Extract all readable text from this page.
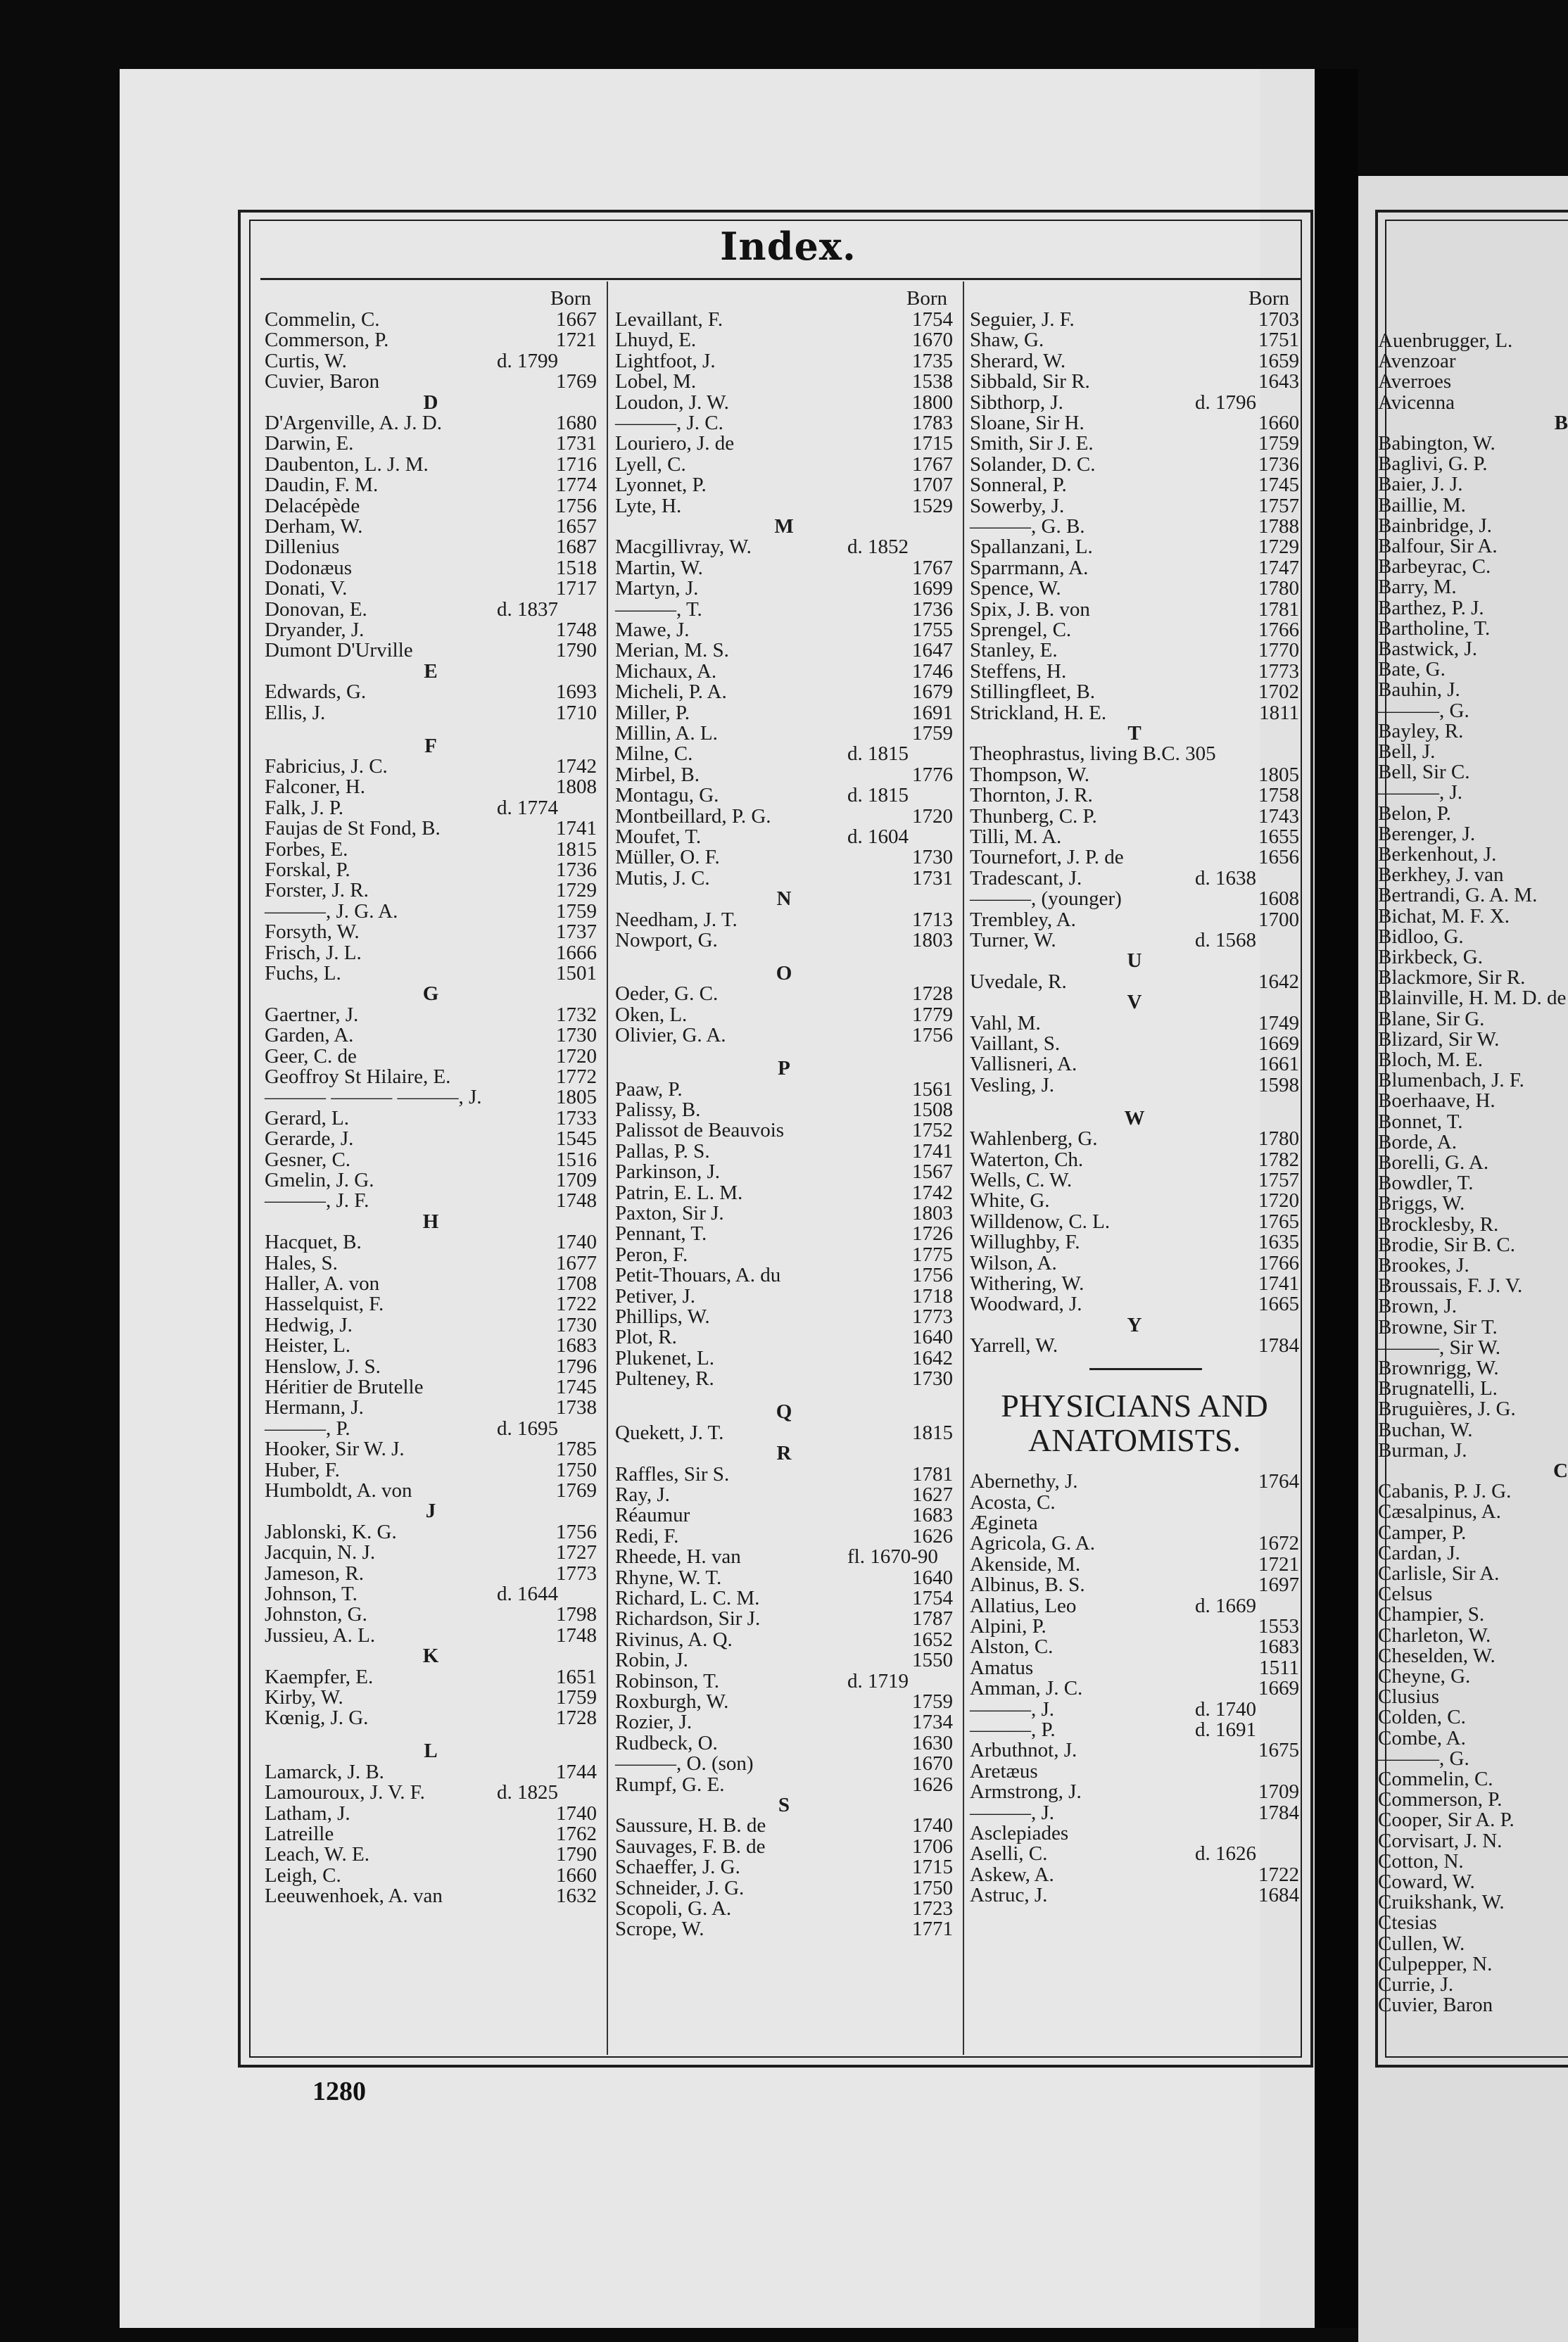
Index.
Born	Born	Born
Commelin, C.	1667
Commerson, P.	1721
Curtis, W.	d. 1799
Cuvier, Baron	1769
D
D'Argenville, A. J. D.	1680
Darwin, E.	1731
Daubenton, L. J. M.	1716
Daudin, F. M.	1774
Delacépède	1756
Derham, W.	1657
Dillenius	1687
Dodonæus	1518
Donati, V.	1717
Donovan, E.	d. 1837
Dryander, J.	1748
Dumont D'Urville	1790
E
Edwards, G.	1693
Ellis, J.	1710
F
Fabricius, J. C.	1742
Falconer, H.	1808
Falk, J. P.	d. 1774
Faujas de St Fond, B.	1741
Forbes, E.	1815
Forskal, P.	1736
Forster, J. R.	1729
———, J. G. A.	1759
Forsyth, W.	1737
Frisch, J. L.	1666
Fuchs, L.	1501
G
Gaertner, J.	1732
Garden, A.	1730
Geer, C. de	1720
Geoffroy St Hilaire, E.	1772
——— ——— ———, J.	1805
Gerard, L.	1733
Gerarde, J.	1545
Gesner, C.	1516
Gmelin, J. G.	1709
———, J. F.	1748
H
Hacquet, B.	1740
Hales, S.	1677
Haller, A. von	1708
Hasselquist, F.	1722
Hedwig, J.	1730
Heister, L.	1683
Henslow, J. S.	1796
Héritier de Brutelle	1745
Hermann, J.	1738
———, P.	d. 1695
Hooker, Sir W. J.	1785
Huber, F.	1750
Humboldt, A. von	1769
J
Jablonski, K. G.	1756
Jacquin, N. J.	1727
Jameson, R.	1773
Johnson, T.	d. 1644
Johnston, G.	1798
Jussieu, A. L.	1748
K
Kaempfer, E.	1651
Kirby, W.	1759
Kœnig, J. G.	1728
L
Lamarck, J. B.	1744
Lamouroux, J. V. F.	d. 1825
Latham, J.	1740
Latreille	1762
Leach, W. E.	1790
Leigh, C.	1660
Leeuwenhoek, A. van	1632
Levaillant, F.	1754
Lhuyd, E.	1670
Lightfoot, J.	1735
Lobel, M.	1538
Loudon, J. W.	1800
———, J. C.	1783
Louriero, J. de	1715
Lyell, C.	1767
Lyonnet, P.	1707
Lyte, H.	1529
M
Macgillivray, W.	d. 1852
Martin, W.	1767
Martyn, J.	1699
———, T.	1736
Mawe, J.	1755
Merian, M. S.	1647
Michaux, A.	1746
Micheli, P. A.	1679
Miller, P.	1691
Millin, A. L.	1759
Milne, C.	d. 1815
Mirbel, B.	1776
Montagu, G.	d. 1815
Montbeillard, P. G.	1720
Moufet, T.	d. 1604
Müller, O. F.	1730
Mutis, J. C.	1731
N
Needham, J. T.	1713
Nowport, G.	1803
O
Oeder, G. C.	1728
Oken, L.	1779
Olivier, G. A.	1756
P
Paaw, P.	1561
Palissy, B.	1508
Palissot de Beauvois	1752
Pallas, P. S.	1741
Parkinson, J.	1567
Patrin, E. L. M.	1742
Paxton, Sir J.	1803
Pennant, T.	1726
Peron, F.	1775
Petit-Thouars, A. du	1756
Petiver, J.	1718
Phillips, W.	1773
Plot, R.	1640
Plukenet, L.	1642
Pulteney, R.	1730
Q
Quekett, J. T.	1815
R
Raffles, Sir S.	1781
Ray, J.	1627
Réaumur	1683
Redi, F.	1626
Rheede, H. van	fl. 1670-90
Rhyne, W. T.	1640
Richard, L. C. M.	1754
Richardson, Sir J.	1787
Rivinus, A. Q.	1652
Robin, J.	1550
Robinson, T.	d. 1719
Roxburgh, W.	1759
Rozier, J.	1734
Rudbeck, O.	1630
———, O. (son)	1670
Rumpf, G. E.	1626
S
Saussure, H. B. de	1740
Sauvages, F. B. de	1706
Schaeffer, J. G.	1715
Schneider, J. G.	1750
Scopoli, G. A.	1723
Scrope, W.	1771
Seguier, J. F.	1703
Shaw, G.	1751
Sherard, W.	1659
Sibbald, Sir R.	1643
Sibthorp, J.	d. 1796
Sloane, Sir H.	1660
Smith, Sir J. E.	1759
Solander, D. C.	1736
Sonneral, P.	1745
Sowerby, J.	1757
———, G. B.	1788
Spallanzani, L.	1729
Sparrmann, A.	1747
Spence, W.	1780
Spix, J. B. von	1781
Sprengel, C.	1766
Stanley, E.	1770
Steffens, H.	1773
Stillingfleet, B.	1702
Strickland, H. E.	1811
T
Theophrastus, living B.C. 305
Thompson, W.	1805
Thornton, J. R.	1758
Thunberg, C. P.	1743
Tilli, M. A.	1655
Tournefort, J. P. de	1656
Tradescant, J.	d. 1638
———, (younger)	1608
Trembley, A.	1700
Turner, W.	d. 1568
U
Uvedale, R.	1642
V
Vahl, M.	1749
Vaillant, S.	1669
Vallisneri, A.	1661
Vesling, J.	1598
W
Wahlenberg, G.	1780
Waterton, Ch.	1782
Wells, C. W.	1757
White, G.	1720
Willdenow, C. L.	1765
Willughby, F.	1635
Wilson, A.	1766
Withering, W.	1741
Woodward, J.	1665
Y
Yarrell, W.	1784
PHYSICIANS AND
ANATOMISTS.
Abernethy, J.	1764
Acosta, C.
Ægineta
Agricola, G. A.	1672
Akenside, M.	1721
Albinus, B. S.	1697
Allatius, Leo	d. 1669
Alpini, P.	1553
Alston, C.	1683
Amatus	1511
Amman, J. C.	1669
———, J.	d. 1740
———, P.	d. 1691
Arbuthnot, J.	1675
Aretæus
Armstrong, J.	1709
———, J.	1784
Asclepiades
Aselli, C.	d. 1626
Askew, A.	1722
Astruc, J.	1684
1280
Auenbrugger, L.
Avenzoar
Averroes
Avicenna
B
Babington, W.
Baglivi, G. P.
Baier, J. J.
Baillie, M.
Bainbridge, J.
Balfour, Sir A.
Barbeyrac, C.
Barry, M.
Barthez, P. J.
Bartholine, T.
Bastwick, J.
Bate, G.
Bauhin, J.
———, G.
Bayley, R.
Bell, J.
Bell, Sir C.
———, J.
Belon, P.
Berenger, J.
Berkenhout, J.
Berkhey, J. van
Bertrandi, G. A. M.
Bichat, M. F. X.
Bidloo, G.
Birkbeck, G.
Blackmore, Sir R.
Blainville, H. M. D. de
Blane, Sir G.
Blizard, Sir W.
Bloch, M. E.
Blumenbach, J. F.
Boerhaave, H.
Bonnet, T.
Borde, A.
Borelli, G. A.
Bowdler, T.
Briggs, W.
Brocklesby, R.
Brodie, Sir B. C.
Brookes, J.
Broussais, F. J. V.
Brown, J.
Browne, Sir T.
———, Sir W.
Brownrigg, W.
Brugnatelli, L.
Bruguières, J. G.
Buchan, W.
Burman, J.
C
Cabanis, P. J. G.
Cæsalpinus, A.
Camper, P.
Cardan, J.
Carlisle, Sir A.
Celsus
Champier, S.
Charleton, W.
Cheselden, W.
Cheyne, G.
Clusius
Colden, C.
Combe, A.
———, G.
Commelin, C.
Commerson, P.
Cooper, Sir A. P.
Corvisart, J. N.
Cotton, N.
Coward, W.
Cruikshank, W.
Ctesias
Cullen, W.
Culpepper, N.
Currie, J.
Cuvier, Baron
